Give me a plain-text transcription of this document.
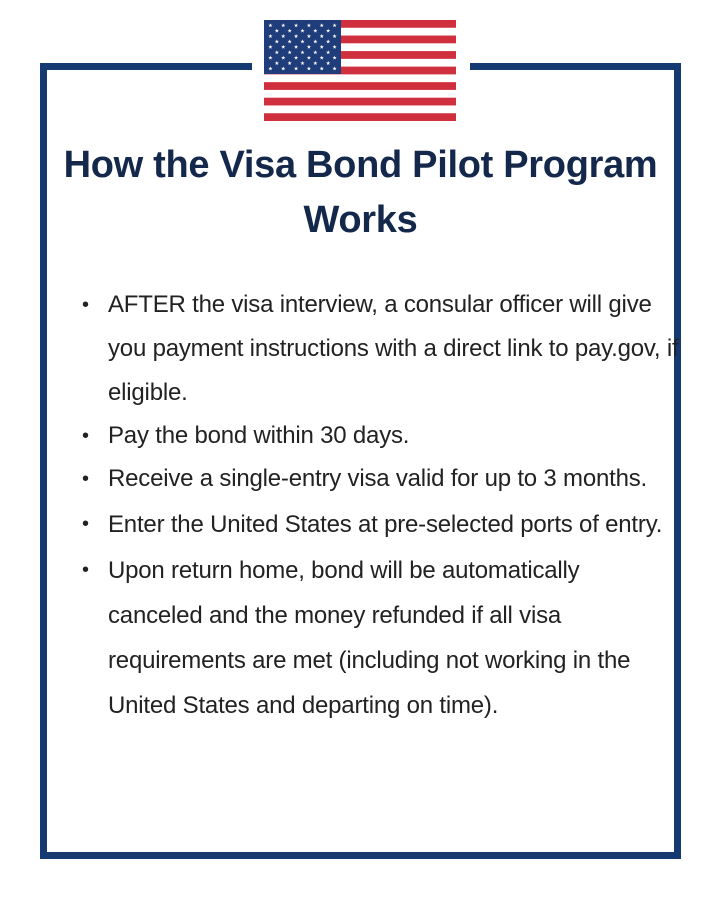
How the Visa Bond Pilot Program Works
• AFTER the visa interview, a consular officer will give you payment instructions with a direct link to pay.gov, if eligible.
• Pay the bond within 30 days.
• Receive a single-entry visa valid for up to 3 months.
• Enter the United States at pre-selected ports of entry.
• Upon return home, bond will be automatically canceled and the money refunded if all visa requirements are met (including not working in the United States and departing on time).
